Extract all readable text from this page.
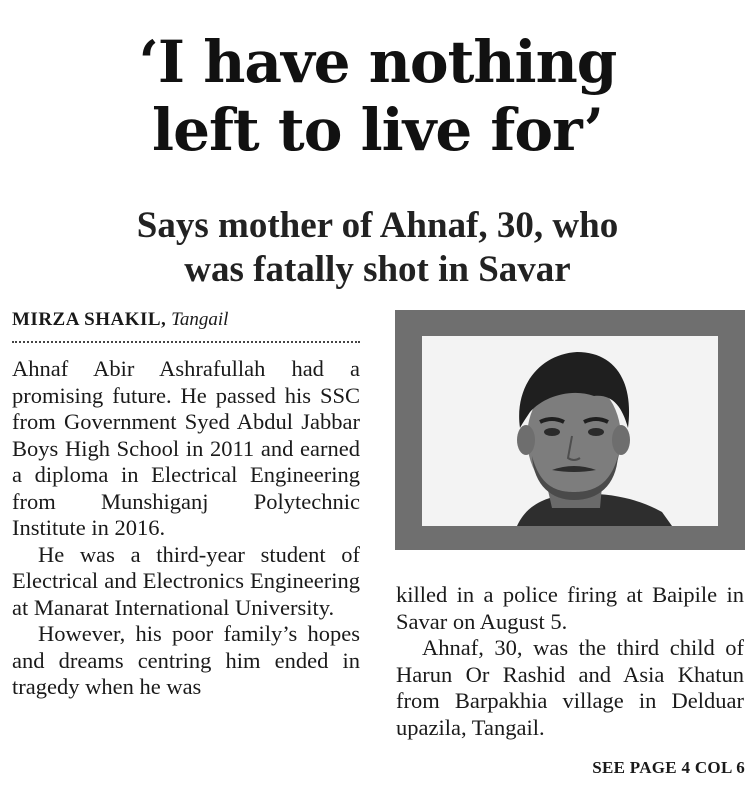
‘I have nothing
left to live for’
Says mother of Ahnaf, 30, who
was fatally shot in Savar
MIRZA SHAKIL, Tangail

Ahnaf Abir Ashrafullah had a promising future. He passed his SSC from Government Syed Abdul Jabbar Boys High School in 2011 and earned a diploma in Electrical Engineering from Munshiganj Polytechnic Institute in 2016.

He was a third-year student of Electrical and Electronics Engineering at Manarat International University.

However, his poor family’s hopes and dreams centring him ended in tragedy when he was

killed in a police firing at Baipile in Savar on August 5.

Ahnaf, 30, was the third child of Harun Or Rashid and Asia Khatun from Barpakhia village in Delduar upazila, Tangail.

SEE PAGE 4 COL 6
